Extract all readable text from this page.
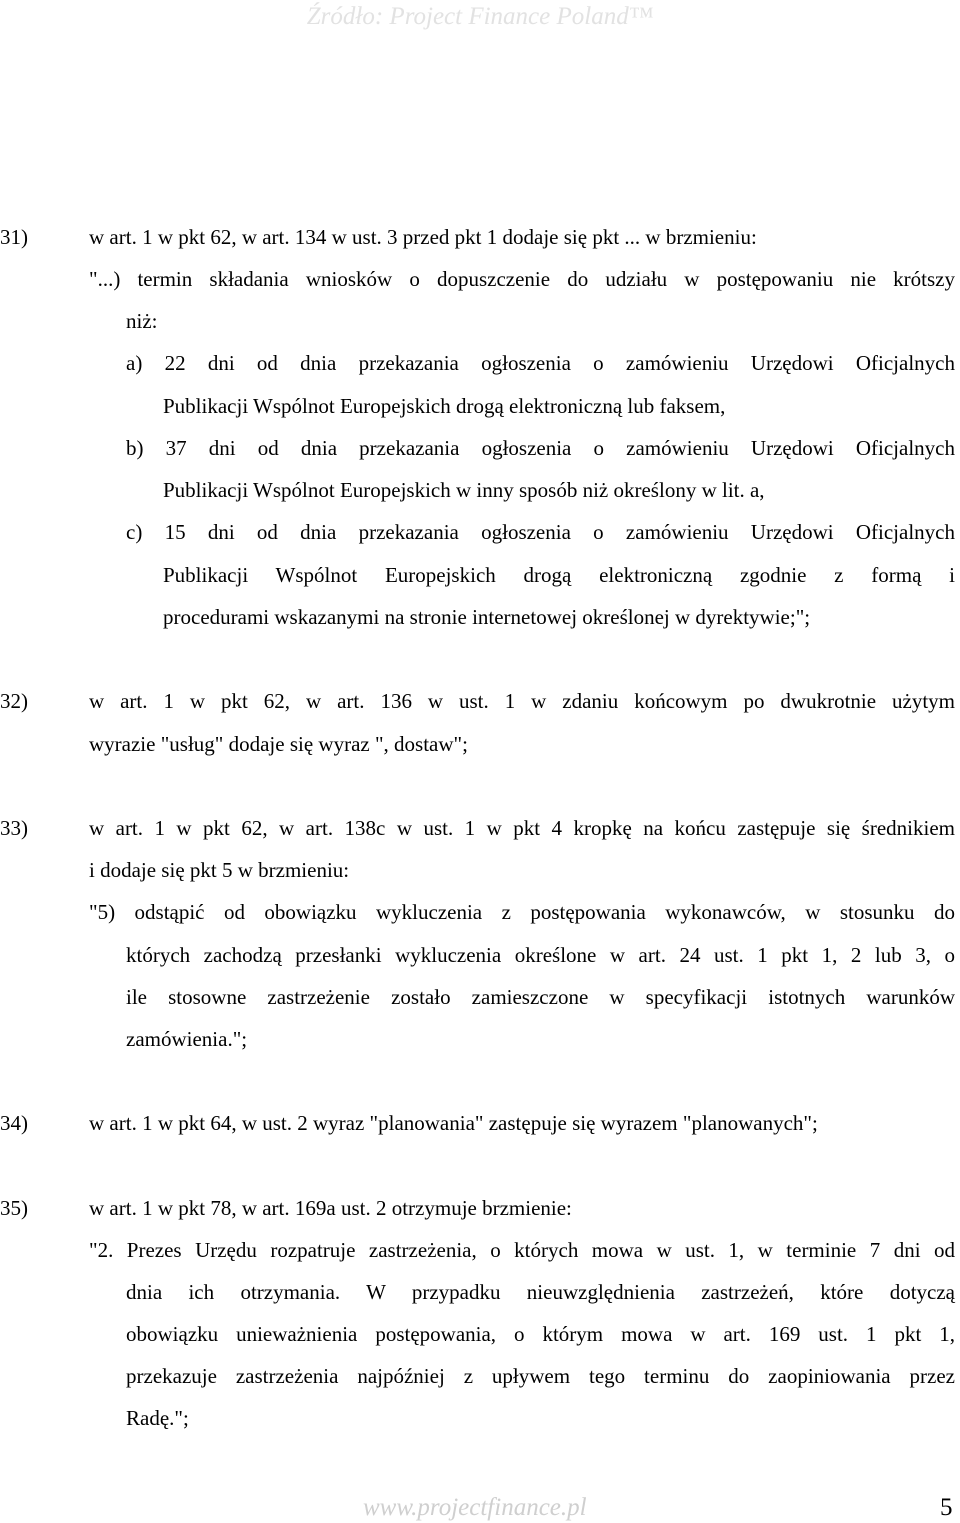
Źródło: Project Finance Poland™
31)	w art. 1 w pkt 62, w art. 134 w ust. 3 przed pkt 1 dodaje się pkt ... w brzmieniu:
"...) termin składania wniosków o dopuszczenie do udziału w postępowaniu nie krótszy
niż:
a) 22 dni od dnia przekazania ogłoszenia o zamówieniu Urzędowi Oficjalnych
Publikacji Wspólnot Europejskich drogą elektroniczną lub faksem,
b) 37 dni od dnia przekazania ogłoszenia o zamówieniu Urzędowi Oficjalnych
Publikacji Wspólnot Europejskich w inny sposób niż określony w lit. a,
c) 15 dni od dnia przekazania ogłoszenia o zamówieniu Urzędowi Oficjalnych
Publikacji Wspólnot Europejskich drogą elektroniczną zgodnie z formą i
procedurami wskazanymi na stronie internetowej określonej w dyrektywie;";
32)	w art. 1 w pkt 62, w art. 136 w ust. 1 w zdaniu końcowym po dwukrotnie użytym
wyrazie "usług" dodaje się wyraz ", dostaw";
33)	w art. 1 w pkt 62, w art. 138c w ust. 1 w pkt 4 kropkę na końcu zastępuje się średnikiem
i dodaje się pkt 5 w brzmieniu:
"5) odstąpić od obowiązku wykluczenia z postępowania wykonawców, w stosunku do
których zachodzą przesłanki wykluczenia określone w art. 24 ust. 1 pkt 1, 2 lub 3, o
ile stosowne zastrzeżenie zostało zamieszczone w specyfikacji istotnych warunków
zamówienia.";
34)	w art. 1 w pkt 64, w ust. 2 wyraz "planowania" zastępuje się wyrazem "planowanych";
35)	w art. 1 w pkt 78, w art. 169a ust. 2 otrzymuje brzmienie:
"2. Prezes Urzędu rozpatruje zastrzeżenia, o których mowa w ust. 1, w terminie 7 dni od
dnia ich otrzymania. W przypadku nieuwzględnienia zastrzeżeń, które dotyczą
obowiązku unieważnienia postępowania, o którym mowa w art. 169 ust. 1 pkt 1,
przekazuje zastrzeżenia najpóźniej z upływem tego terminu do zaopiniowania przez
Radę.";
www.projectfinance.pl	5
